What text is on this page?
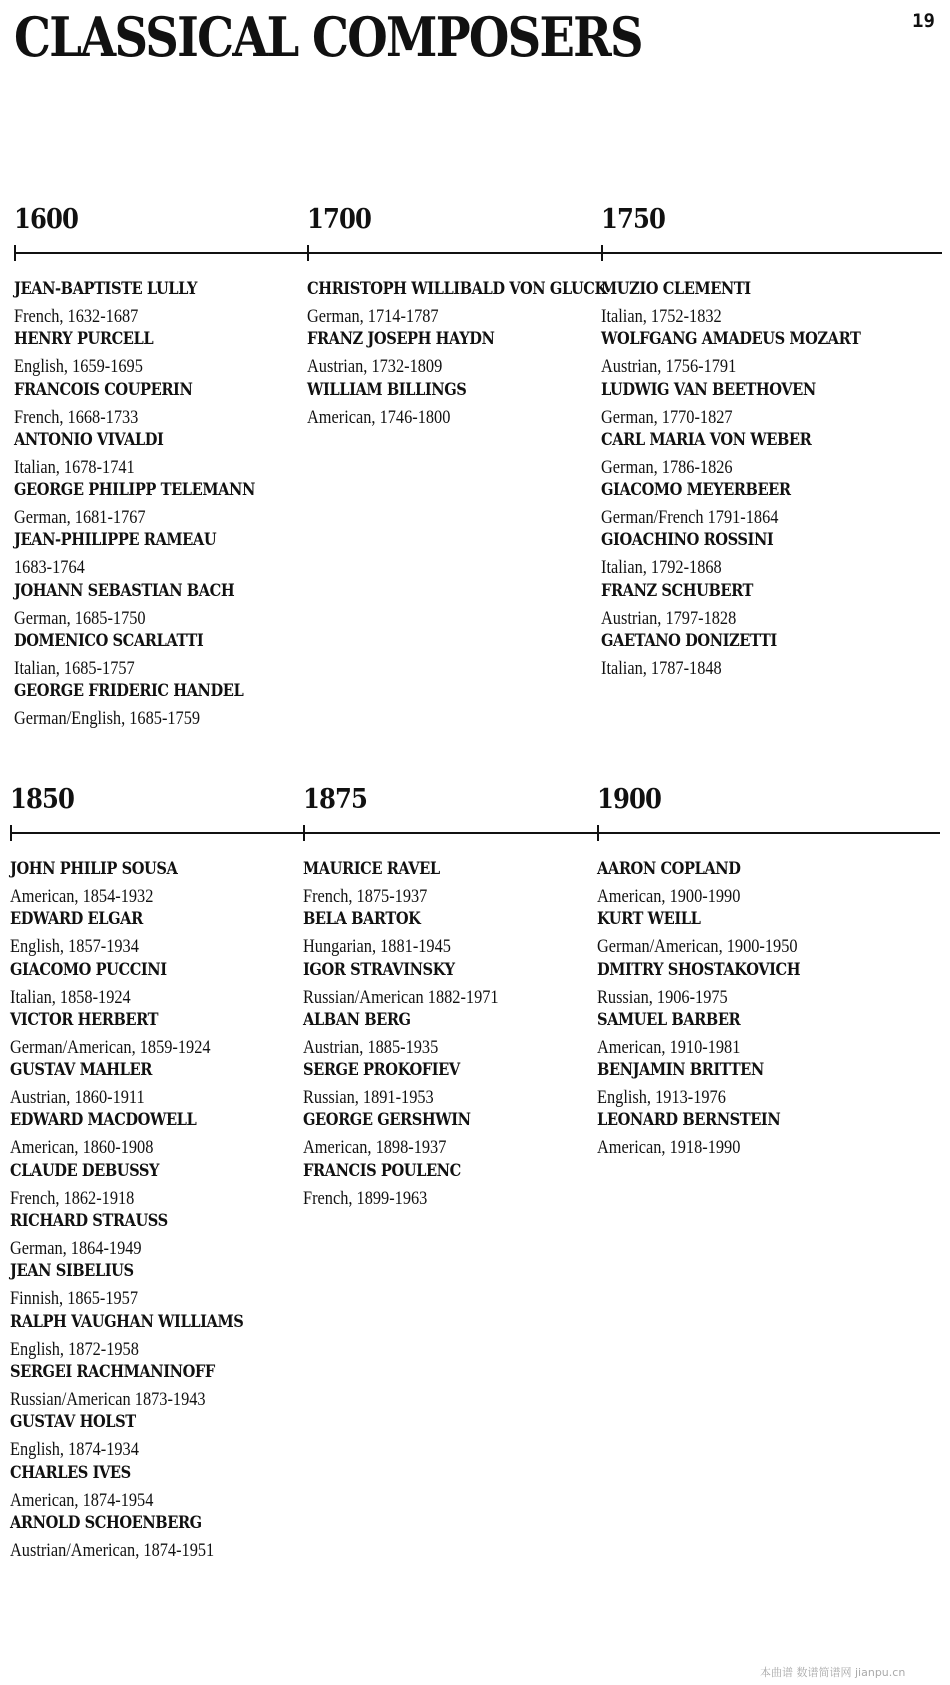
CLASSICAL COMPOSERS	19
1600
JEAN-BAPTISTE LULLY
French, 1632-1687
HENRY PURCELL
English, 1659-1695
FRANCOIS COUPERIN
French, 1668-1733
ANTONIO VIVALDI
Italian, 1678-1741
GEORGE PHILIPP TELEMANN
German, 1681-1767
JEAN-PHILIPPE RAMEAU
1683-1764
JOHANN SEBASTIAN BACH
German, 1685-1750
DOMENICO SCARLATTI
Italian, 1685-1757
GEORGE FRIDERIC HANDEL
German/English, 1685-1759
1700
CHRISTOPH WILLIBALD VON GLUCK
German, 1714-1787
FRANZ JOSEPH HAYDN
Austrian, 1732-1809
WILLIAM BILLINGS
American, 1746-1800
1750
MUZIO CLEMENTI
Italian, 1752-1832
WOLFGANG AMADEUS MOZART
Austrian, 1756-1791
LUDWIG VAN BEETHOVEN
German, 1770-1827
CARL MARIA VON WEBER
German, 1786-1826
GIACOMO MEYERBEER
German/French 1791-1864
GIOACHINO ROSSINI
Italian, 1792-1868
FRANZ SCHUBERT
Austrian, 1797-1828
GAETANO DONIZETTI
Italian, 1787-1848
1850
JOHN PHILIP SOUSA
American, 1854-1932
EDWARD ELGAR
English, 1857-1934
GIACOMO PUCCINI
Italian, 1858-1924
VICTOR HERBERT
German/American, 1859-1924
GUSTAV MAHLER
Austrian, 1860-1911
EDWARD MACDOWELL
American, 1860-1908
CLAUDE DEBUSSY
French, 1862-1918
RICHARD STRAUSS
German, 1864-1949
JEAN SIBELIUS
Finnish, 1865-1957
RALPH VAUGHAN WILLIAMS
English, 1872-1958
SERGEI RACHMANINOFF
Russian/American 1873-1943
GUSTAV HOLST
English, 1874-1934
CHARLES IVES
American, 1874-1954
ARNOLD SCHOENBERG
Austrian/American, 1874-1951
1875
MAURICE RAVEL
French, 1875-1937
BELA BARTOK
Hungarian, 1881-1945
IGOR STRAVINSKY
Russian/American 1882-1971
ALBAN BERG
Austrian, 1885-1935
SERGE PROKOFIEV
Russian, 1891-1953
GEORGE GERSHWIN
American, 1898-1937
FRANCIS POULENC
French, 1899-1963
1900
AARON COPLAND
American, 1900-1990
KURT WEILL
German/American, 1900-1950
DMITRY SHOSTAKOVICH
Russian, 1906-1975
SAMUEL BARBER
American, 1910-1981
BENJAMIN BRITTEN
English, 1913-1976
LEONARD BERNSTEIN
American, 1918-1990
本曲谱 数谱简谱网 jianpu.cn
